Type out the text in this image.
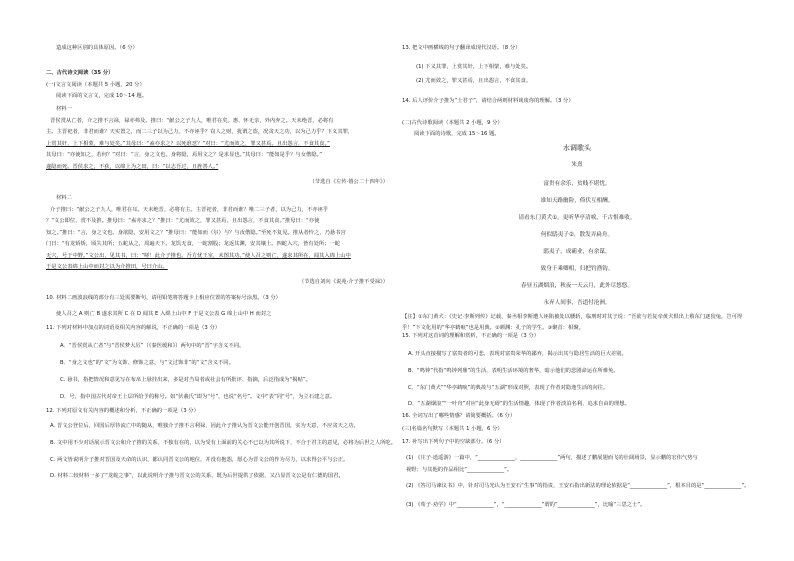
造成这种区别的具体原因。（6 分）
二、古代诗文阅读（35 分）
(一)文言文阅读（本题共 5 小题，20 分）
阅读下面的文言文，完成 10～14 题。
材料一
晋侯赏从亡者，介之推不言禄，禄亦弗及。推曰：“献公之子九人，唯君在矣。惠、怀无亲，外内弃之。天未绝晋，必将有
主。主晋祀者，非君而谁？天实置之，而二三子以为己力，不亦诬乎？窃人之财，犹谓之盗，况贪天之功，以为己力乎？下义其罪，
上赏其奸，上下相蒙，难与处矣。”其母曰：“盍亦求之？以死谁怼？”对曰：“尤而效之，罪又甚焉。且出怨言，不食其食。”
其母曰：“亦使知之，若何？”对曰：“言，身之文也。身将隐，焉用文之？是求显也。”其母曰：“能如是乎？与女偕隐。”
遂隐而死。晋侯求之，不获，以绵上为之田，曰：“以志吾过，且旌善人。”
（节选自《左传·僖公二十四年》）
材料二
介子推曰：“献公之子九人，唯君在耳。天未绝晋，必将有主。主晋祀者，非君而谁？唯二三子者，以为己力，不亦诬乎
？”文公即位，赏不及推。推母曰：“盍亦求之？”推曰：“尤而效之，罪又甚焉，且出怨言，不食其食。”推母曰：“亦使
知之。”推曰：“言，身之文也。身欲隐，安用文之？”推母曰：“能如而（尔）与？与汝偕隐。”至死不复见。推从者怜之，乃悬书宫
门曰：“有龙矫矫，顷失其所；五蛇从之，周遍天下。龙饥无食，一蛇割股；龙返其渊，安其壤土。四蛇入穴，皆有处所；一蛇
无穴，号于中野。”文公出，见其书，曰：“嗟！此介子推也。吾方忧王室，未图其功。”使人召之则亡，遂求其所在，闻其入绵上山中
于是文公表绵上山中而封之以为介推田，号曰介山。
（节选自刘向《说苑·介子推不受禄》）
10. 材料二画波浪线的部分有三处需要断句，请用铅笔将答题卡上相应位置的答案标号涂黑。（3 分）
使人召之 A 则亡 B 遂求其所 C 在 D 闻其 E 入绵上山中 F 于是文公表 G 绵上山中 H 而封之
11. 下列对材料中加点的词语及相关内容的解说，不正确的一项是（3 分）
A．“晋侯赏从亡者”与“晋侯梦大厉”（《秦医缓和》）两句中的“晋”字含义不同。
B．“身之文也”的“文”为文饰、修饰之意，与“文过饰非”的“文”含义不同。
C. 悬书，指把情况和意见写在布帛上悬挂出来，多是对当局者或社会有所批评、指摘，后泛指成为“揭帖”。
D．号，指中国古代对帝王上层所给予的称号。如“伏羲氏”即为“号”，也说“名号”。文中“表”同“号”，为立石建之意。
12. 下列对原文有关内容的概述和分析，不正确的一项是（3 分）
A. 晋文公登位后，回国后厚待流亡中的随从，唯独介子推不言利禄，因此介子推认为晋文公能开创晋国，实为天意，不应贪天之功。
B. 文中用不少对话展示晋文公和介子推的关系，不独有在的，以为受有上面前的关心不已以为其所说下，不合于君主的意见，必将为后世之人所吃。
C. 两文皆说明介子推对晋国及天命的认识，都认同晋文公的地位，并没有抱怨，愿心为晋文公的作为尽力，以求得公平与公正。
D. 材料二较材料一多了“龙蛇之事”，以此说明介子推与晋文公的关系，既为后世提供了依据，又凸显晋文公是有仁德的国君。
13. 把文中画横线的句子翻译成现代汉语。（8 分）
(1) 下义其罪，上赏其奸，上下相蒙，难与处矣。
(2) 尤而效之，罪又甚焉，且出怨言，不食其食。
14. 后人评价介子推为“士君子”，请结合两则材料谈谈你的理解。（3 分）
(二)古代诗歌阅读（本题共 2 小题，9 分）
阅读下面的诗歌，完成 15～16 题。
【注】①东门黄犬：《史记·李斯列传》记载，秦丞相李斯遭人诬陷被处以腰斩，临刑时对其子说：“吾欲与若复牵黄犬俱出上蔡东门逐狡兔，岂可得乎！”下文化用的“华亭鹤唳”也是用典。②颜渊：孔子的学生。③聚首：相聚。
15. 下列对这首词的理解和赏析，不正确的一项是（3 分）
A. 开头直接描写了富贵者的可悲，表现对富贵荣华的鄙弃，揭示出其与隐居生活的巨大差别。
B．“鸣钟”代指“鸣钟列鼎”的生活，表明生活环境的奢华，暗示他们的悲剧命运在所难免。
C．“东门黄犬”“华亭鹤唳”的典故与“五湖”形成对照，表现了作者对隐逸生活的向往。
D．“五湖烟浪”“一叶舟”对应“此身无碍”的生活情趣，体现了作者淡泊名利、追求自由的理想。
16. 全词写出了哪些情感？请简要概括。（6 分）
(三)名篇名句默写（本题共 1 小题，6 分）
17. 补写出下列句子中的空缺部分。（6 分）
(1) 《庄子·逍遥游》一篇中，“______________，______________”两句，描述了鹏展翅而飞的壮阔场景，显示鹏的宏伟气势与
视野；与其他的作品相比“______________”。
(2) 《答司马谏议书》中，针对司马光认为王安石“生事”的指责，王安石指出新法的理论依据是“______________”，根本目的是“______________”。
(3) 《荀子·劝学》中“______________”，“______________”谓的“______________”，比喻“三思之士”。
水调歌头
朱熹
富贵有余乐，贫贱不堪忧。
谁知天路幽险，倚伏互相酬。
请看东门黄犬①，更听华亭清唳，千古恨难收。
何似鸱夷子②，散发弄扁舟。
鸱夷子，成霸业，有余谋。
致身千乘卿相，归把钓渔钩。
春昼五湖烟浪，秋夜一天云月，此外尽悠悠。
永弃人间事，吾道付沧洲。
